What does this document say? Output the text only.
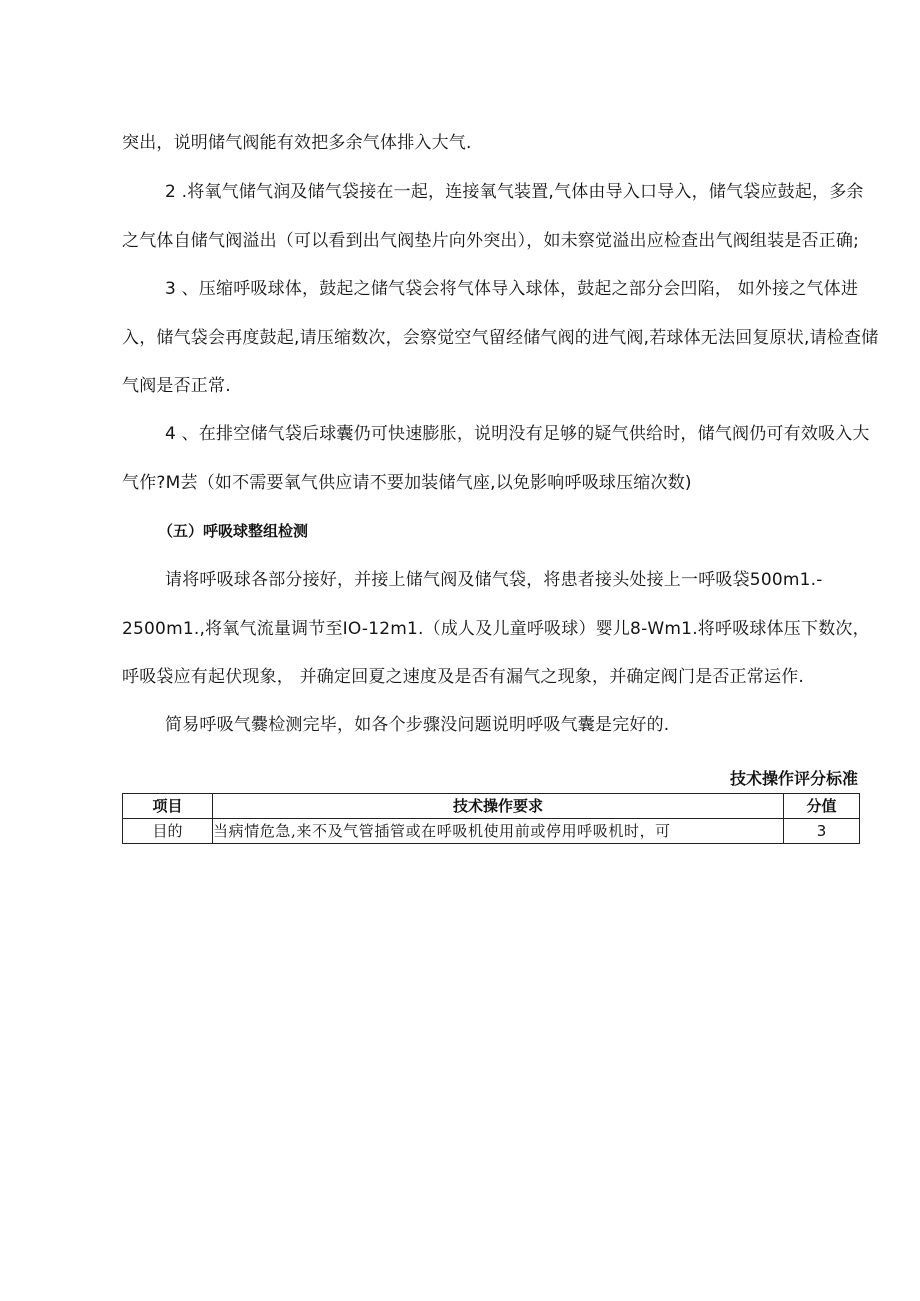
突出，说明储气阀能有效把多余气体排入大气.
2 .将氧气储气润及储气袋接在一起，连接氧气装置,气体由导入口导入，储气袋应鼓起，多余
之气体自储气阀溢出（可以看到出气阀垫片向外突出），如未察觉溢出应检查出气阀组装是否正确;
3 、压缩呼吸球体，鼓起之储气袋会将气体导入球体，鼓起之部分会凹陷， 如外接之气体进
入，储气袋会再度鼓起,请压缩数次，会察觉空气留经储气阀的进气阀,若球体无法回复原状,请检查储
气阀是否正常.
4 、在排空储气袋后球囊仍可快速膨胀，说明没有足够的疑气供给时，储气阀仍可有效吸入大
气作?M芸（如不需要氧气供应请不要加装储气座,以免影响呼吸球压缩次数)
（五）呼吸球整组检测
请将呼吸球各部分接好，并接上储气阀及储气袋，将患者接头处接上一呼吸袋500m1.-
2500m1.,将氧气流量调节至IO-12m1.（成人及儿童呼吸球）婴儿8-Wm1.将呼吸球体压下数次，
呼吸袋应有起伏现象， 并确定回夏之速度及是否有漏气之现象，并确定阀门是否正常运作.
简易呼吸气爨检测完毕，如各个步骤没问题说明呼吸气囊是完好的.
技术操作评分标准
项目	技术操作要求	分值
目的	当病情危急,来不及气管插管或在呼吸机使用前或停用呼吸机时，可	3
